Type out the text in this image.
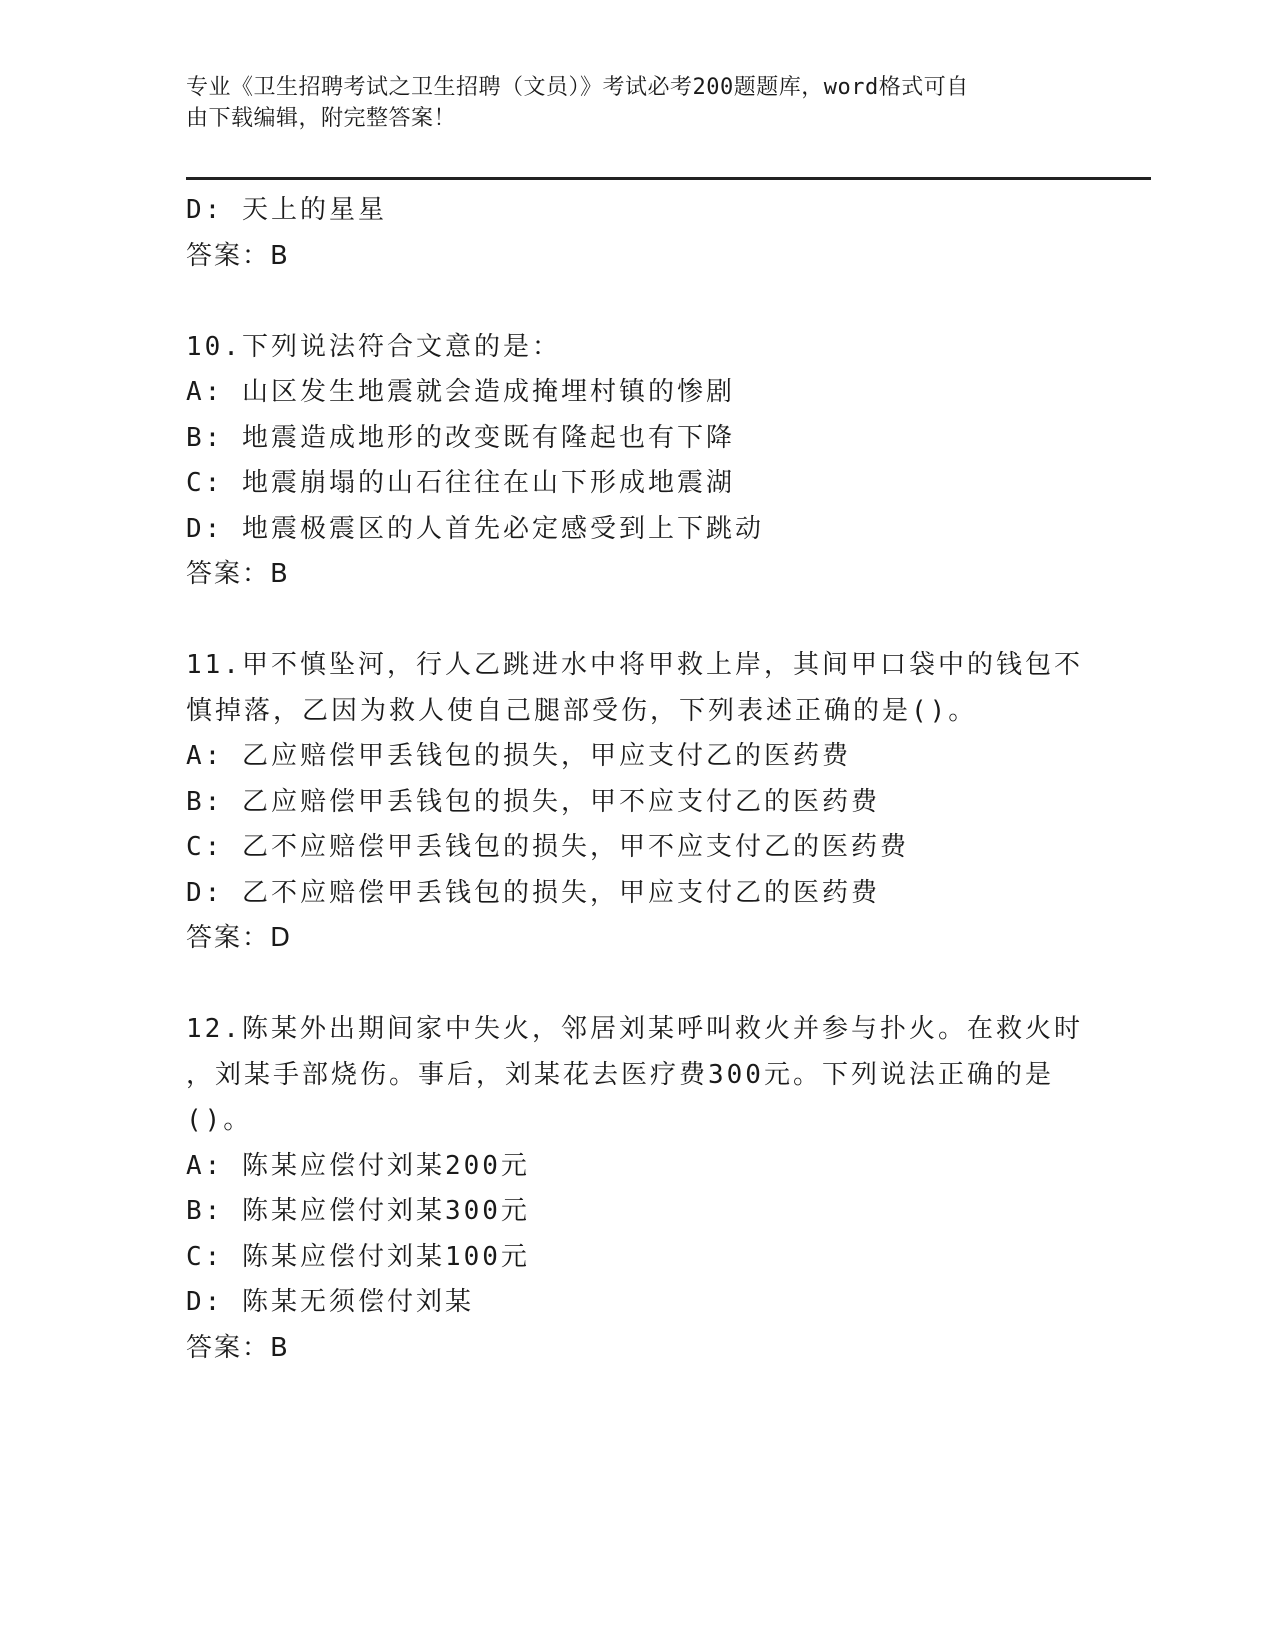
专业《卫生招聘考试之卫生招聘（文员）》考试必考200题题库，word格式可自
由下载编辑，附完整答案！
D: 天上的星星
答案：B
10.下列说法符合文意的是：
A: 山区发生地震就会造成掩埋村镇的惨剧
B: 地震造成地形的改变既有隆起也有下降
C: 地震崩塌的山石往往在山下形成地震湖
D: 地震极震区的人首先必定感受到上下跳动
答案：B
11.甲不慎坠河，行人乙跳进水中将甲救上岸，其间甲口袋中的钱包不
慎掉落，乙因为救人使自己腿部受伤，下列表述正确的是()。
A: 乙应赔偿甲丢钱包的损失，甲应支付乙的医药费
B: 乙应赔偿甲丢钱包的损失，甲不应支付乙的医药费
C: 乙不应赔偿甲丢钱包的损失，甲不应支付乙的医药费
D: 乙不应赔偿甲丢钱包的损失，甲应支付乙的医药费
答案：D
12.陈某外出期间家中失火，邻居刘某呼叫救火并参与扑火。在救火时
，刘某手部烧伤。事后，刘某花去医疗费300元。下列说法正确的是
()。
A: 陈某应偿付刘某200元
B: 陈某应偿付刘某300元
C: 陈某应偿付刘某100元
D: 陈某无须偿付刘某
答案：B
